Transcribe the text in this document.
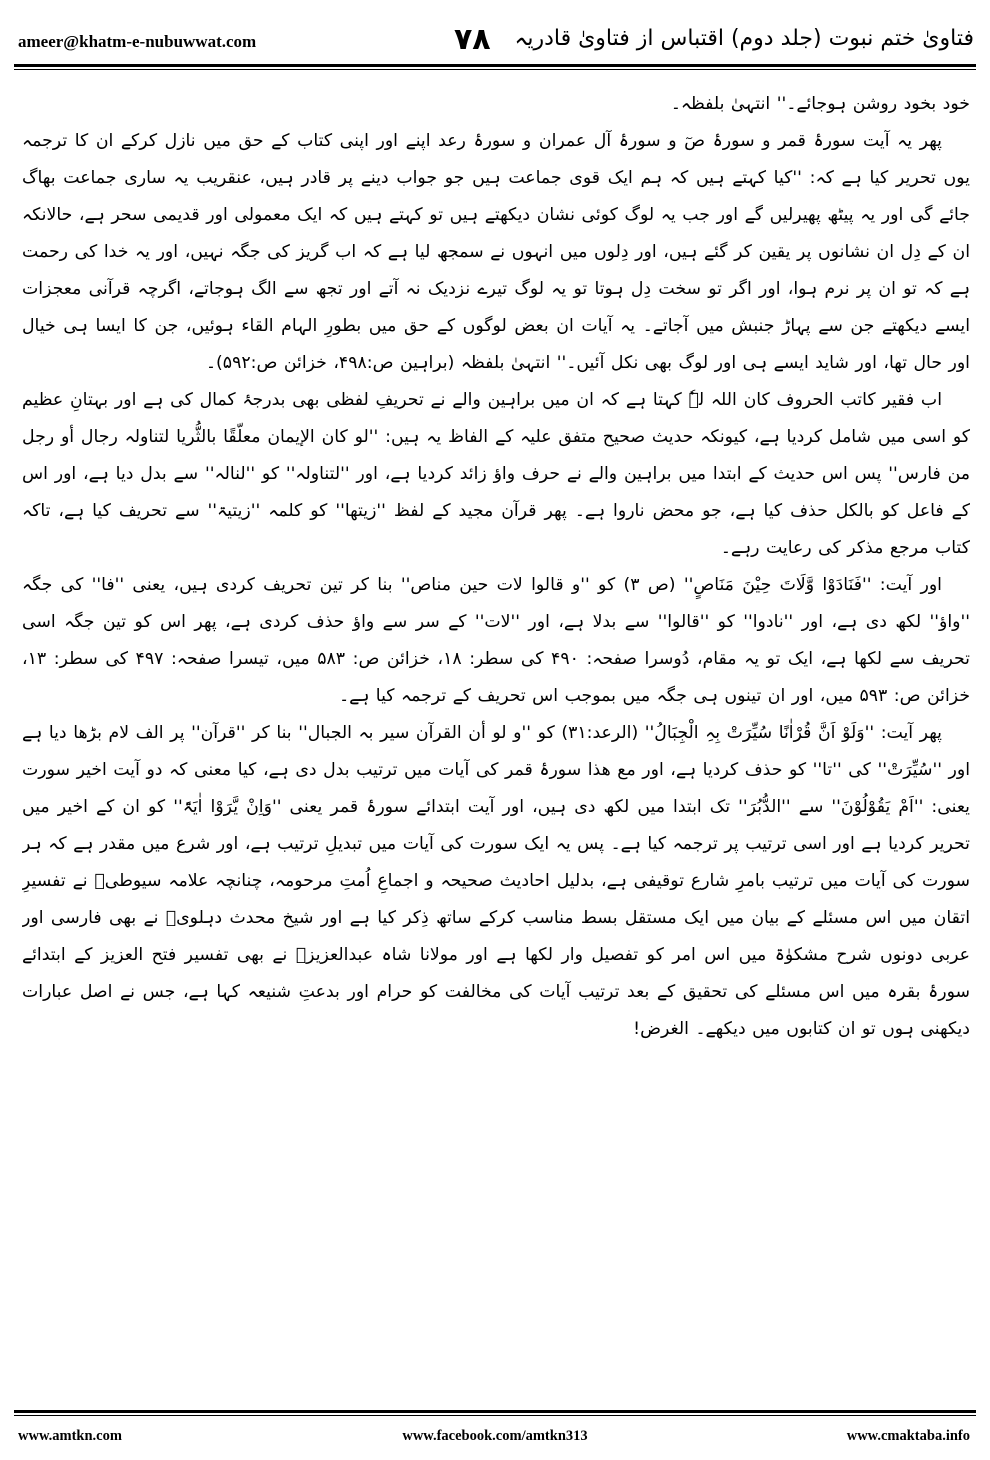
ameer@khatm-e-nubuwwat.com	۷۸ فتاویٰ ختم نبوت (جلد دوم) اقتباس از فتاویٰ قادریہ

خود بخود روشن ہوجائے۔'' انتہیٰ بلفظہ۔

پھر یہ آیت سورۂ قمر و سورۂ صٓ و سورۂ آل عمران و سورۂ رعد اپنے اور اپنی کتاب کے حق میں نازل کرکے ان کا ترجمہ یوں تحریر کیا ہے کہ: ''کیا کہتے ہیں کہ ہم ایک قوی جماعت ہیں جو جواب دینے پر قادر ہیں، عنقریب یہ ساری جماعت بھاگ جائے گی اور یہ پیٹھ پھیرلیں گے اور جب یہ لوگ کوئی نشان دیکھتے ہیں تو کہتے ہیں کہ ایک معمولی اور قدیمی سحر ہے، حالانکہ ان کے دِل ان نشانوں پر یقین کر گئے ہیں، اور دِلوں میں انہوں نے سمجھ لیا ہے کہ اب گریز کی جگہ نہیں، اور یہ خدا کی رحمت ہے کہ تو ان پر نرم ہوا، اور اگر تو سخت دِل ہوتا تو یہ لوگ تیرے نزدیک نہ آتے اور تجھ سے الگ ہوجاتے، اگرچہ قرآنی معجزات ایسے دیکھتے جن سے پہاڑ جنبش میں آجاتے۔ یہ آیات ان بعض لوگوں کے حق میں بطورِ الہام القاء ہوئیں، جن کا ایسا ہی خیال اور حال تھا، اور شاید ایسے ہی اور لوگ بھی نکل آئیں۔'' انتہیٰ بلفظہ (براہین ص:۴۹۸، خزائن ص:۵۹۲)۔

اب فقیر کاتب الحروف کان اللہ لہٗ کہتا ہے کہ ان میں براہین والے نے تحریفِ لفظی بھی بدرجۂ کمال کی ہے اور بہتانِ عظیم کو اسی میں شامل کردیا ہے، کیونکہ حدیث صحیح متفق علیہ کے الفاظ یہ ہیں: ''لو کان الإیمان معلّقًا بالثُّریا لتناولہ رجال أو رجل من فارس'' پس اس حدیث کے ابتدا میں براہین والے نے حرف واؤ زائد کردیا ہے، اور ''لتناولہ'' کو ''لنالہ'' سے بدل دیا ہے، اور اس کے فاعل کو بالکل حذف کیا ہے، جو محض ناروا ہے۔ پھر قرآن مجید کے لفظ ''زیتھا'' کو کلمہ ''زیتیۃ'' سے تحریف کیا ہے، تاکہ کتاب مرجع مذکر کی رعایت رہے۔

اور آیت: ''فَنَادَوْا وَّلَاتَ حِیْنَ مَنَاصٍ'' (ص ۳) کو ''و قالوا لات حین مناص'' بنا کر تین تحریف کردی ہیں، یعنی ''فا'' کی جگہ ''واؤ'' لکھ دی ہے، اور ''نادوا'' کو ''قالوا'' سے بدلا ہے، اور ''لات'' کے سر سے واؤ حذف کردی ہے، پھر اس کو تین جگہ اسی تحریف سے لکھا ہے، ایک تو یہ مقام، دُوسرا صفحہ: ۴۹۰ کی سطر: ۱۸، خزائن ص: ۵۸۳ میں، تیسرا صفحہ: ۴۹۷ کی سطر: ۱۳، خزائن ص: ۵۹۳ میں، اور ان تینوں ہی جگہ میں بموجب اس تحریف کے ترجمہ کیا ہے۔

پھر آیت: ''وَلَوْ اَنَّ قُرْاٰنًا سُیِّرَتْ بِہِ الْجِبَالُ'' (الرعد:۳۱) کو ''و لو أن القرآن سیر بہ الجبال'' بنا کر ''قرآن'' پر الف لام بڑھا دیا ہے اور ''سُیِّرَتْ'' کی ''تا'' کو حذف کردیا ہے، اور مع ھذا سورۂ قمر کی آیات میں ترتیب بدل دی ہے، کیا معنی کہ دو آیت اخیر سورت یعنی: ''اَمْ یَقُوْلُوْنَ'' سے ''الدُّبُرَ'' تک ابتدا میں لکھ دی ہیں، اور آیت ابتدائے سورۂ قمر یعنی ''وَاِنْ یَّرَوْا اٰیَۃً'' کو ان کے اخیر میں تحریر کردیا ہے اور اسی ترتیب پر ترجمہ کیا ہے۔ پس یہ ایک سورت کی آیات میں تبدیلِ ترتیب ہے، اور شرع میں مقدر ہے کہ ہر سورت کی آیات میں ترتیب بامرِ شارع توقیفی ہے، بدلیل احادیث صحیحہ و اجماعِ اُمتِ مرحومہ، چنانچہ علامہ سیوطیؒ نے تفسیرِ اتقان میں اس مسئلے کے بیان میں ایک مستقل بسط مناسب کرکے ساتھ ذِکر کیا ہے اور شیخ محدث دہلویؒ نے بھی فارسی اور عربی دونوں شرح مشکوٰۃ میں اس امر کو تفصیل وار لکھا ہے اور مولانا شاہ عبدالعزیزؒ نے بھی تفسیر فتح العزیز کے ابتدائے سورۂ بقرہ میں اس مسئلے کی تحقیق کے بعد ترتیب آیات کی مخالفت کو حرام اور بدعتِ شنیعہ کہا ہے، جس نے اصل عبارات دیکھنی ہوں تو ان کتابوں میں دیکھے۔ الغرض!

www.amtkn.com	www.facebook.com/amtkn313	www.cmaktaba.info
